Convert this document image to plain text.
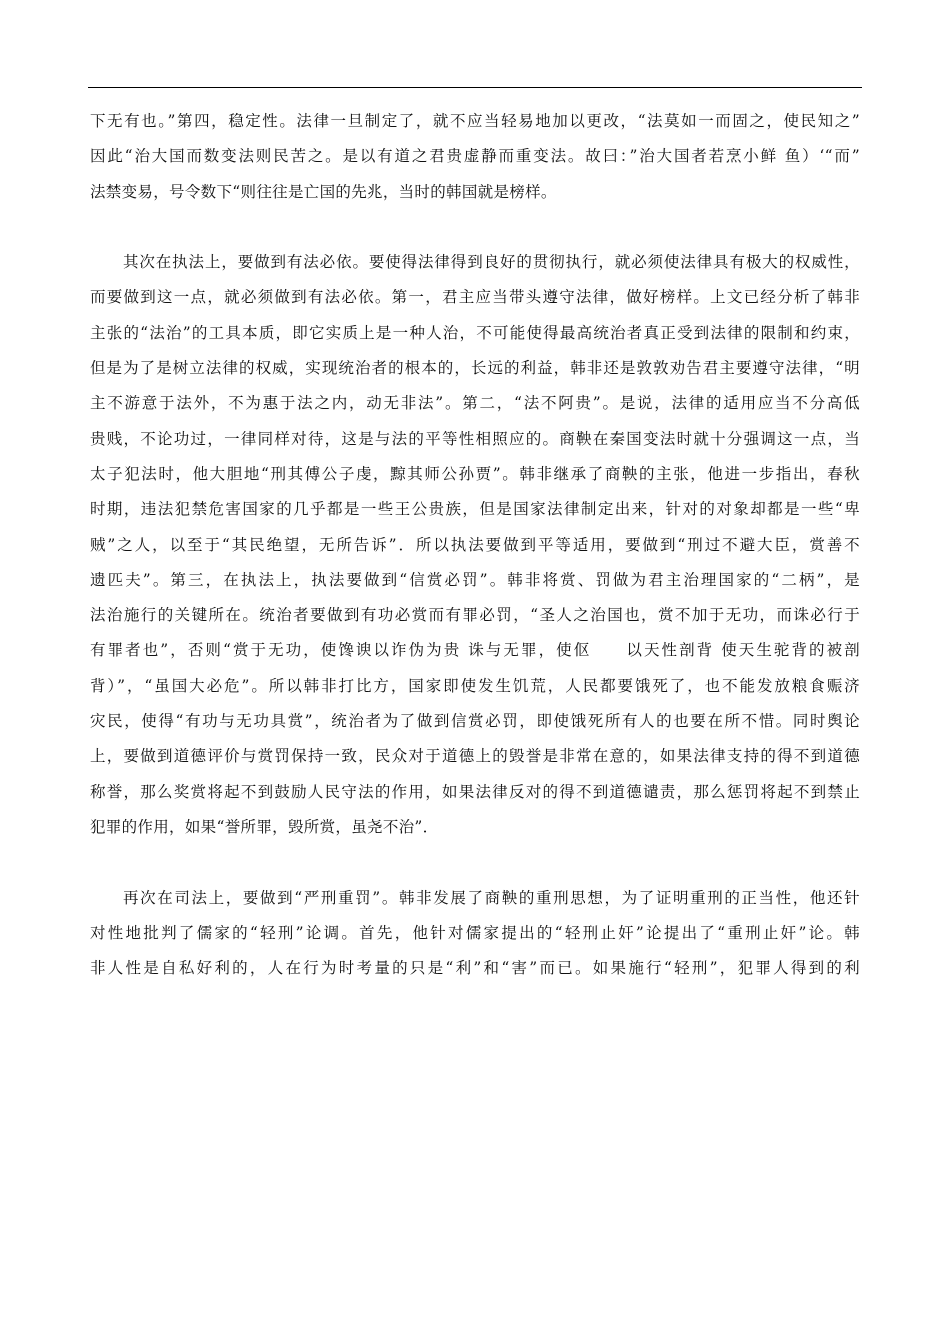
下无有也。”第四，稳定性。法律一旦制定了，就不应当轻易地加以更改，“法莫如一而固之，使民知之”
因此“治大国而数变法则民苦之。是以有道之君贵虚静而重变法。故曰：”治大国者若烹小鲜 鱼）‘“而”
法禁变易，号令数下“则往往是亡国的先兆，当时的韩国就是榜样。
其次在执法上，要做到有法必依。要使得法律得到良好的贯彻执行，就必须使法律具有极大的权威性，
而要做到这一点，就必须做到有法必依。第一，君主应当带头遵守法律，做好榜样。上文已经分析了韩非
主张的“法治”的工具本质，即它实质上是一种人治，不可能使得最高统治者真正受到法律的限制和约束，
但是为了是树立法律的权威，实现统治者的根本的，长远的利益，韩非还是敦敦劝告君主要遵守法律，“明
主不游意于法外，不为惠于法之内，动无非法”。第二，“法不阿贵”。是说，法律的适用应当不分高低
贵贱，不论功过，一律同样对待，这是与法的平等性相照应的。商鞅在秦国变法时就十分强调这一点，当
太子犯法时，他大胆地“刑其傅公子虔，黥其师公孙贾”。韩非继承了商鞅的主张，他进一步指出，春秋
时期，违法犯禁危害国家的几乎都是一些王公贵族，但是国家法律制定出来，针对的对象却都是一些“卑
贼”之人，以至于“其民绝望，无所告诉”．所以执法要做到平等适用，要做到“刑过不避大臣，赏善不
遗匹夫”。第三，在执法上，执法要做到“信赏必罚”。韩非将赏、罚做为君主治理国家的“二柄”，是
法治施行的关键所在。统治者要做到有功必赏而有罪必罚，“圣人之治国也，赏不加于无功，而诛必行于
有罪者也”，否则“赏于无功，使馋谀以诈伪为贵 诛与无罪，使伛　　以天性剖背 使天生驼背的被剖
背）”，“虽国大必危”。所以韩非打比方，国家即使发生饥荒，人民都要饿死了，也不能发放粮食赈济
灾民，使得“有功与无功具赏”，统治者为了做到信赏必罚，即使饿死所有人的也要在所不惜。同时舆论
上，要做到道德评价与赏罚保持一致，民众对于道德上的毁誉是非常在意的，如果法律支持的得不到道德
称誉，那么奖赏将起不到鼓励人民守法的作用，如果法律反对的得不到道德谴责，那么惩罚将起不到禁止
犯罪的作用，如果“誉所罪，毁所赏，虽尧不治”．
再次在司法上，要做到“严刑重罚”。韩非发展了商鞅的重刑思想，为了证明重刑的正当性，他还针
对性地批判了儒家的“轻刑”论调。首先，他针对儒家提出的“轻刑止奸”论提出了“重刑止奸”论。韩
非人性是自私好利的，人在行为时考量的只是“利”和“害”而已。如果施行“轻刑”，犯罪人得到的利
